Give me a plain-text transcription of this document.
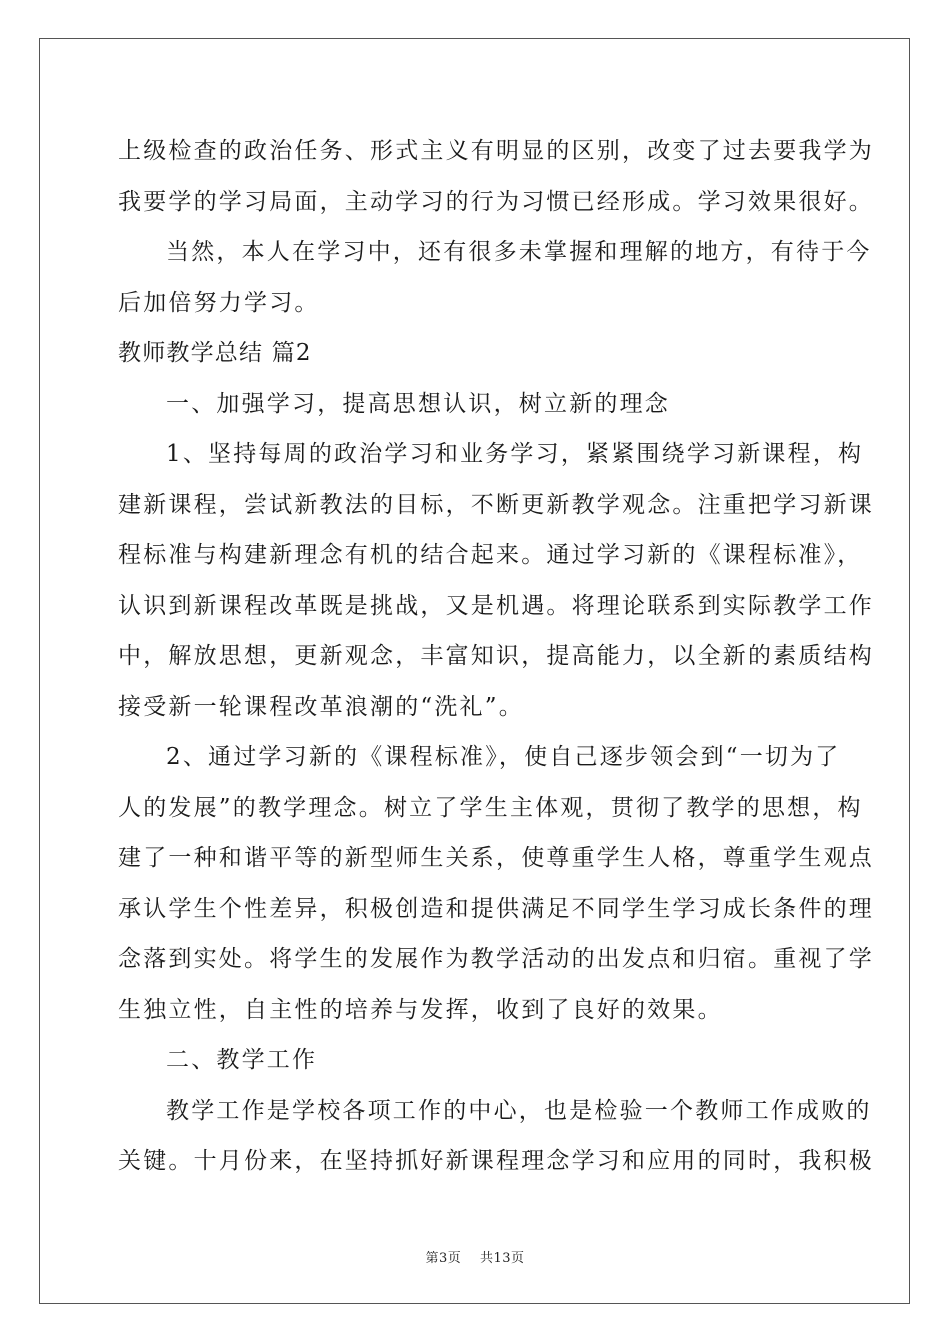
上级检查的政治任务、形式主义有明显的区别，改变了过去要我学为
我要学的学习局面，主动学习的行为习惯已经形成。学习效果很好。
当然，本人在学习中，还有很多未掌握和理解的地方，有待于今
后加倍努力学习。
教师教学总结 篇2
一、加强学习，提高思想认识，树立新的理念
1、坚持每周的政治学习和业务学习，紧紧围绕学习新课程，构
建新课程，尝试新教法的目标，不断更新教学观念。注重把学习新课
程标准与构建新理念有机的结合起来。通过学习新的《课程标准》，
认识到新课程改革既是挑战，又是机遇。将理论联系到实际教学工作
中，解放思想，更新观念，丰富知识，提高能力，以全新的素质结构
接受新一轮课程改革浪潮的“洗礼”。
2、通过学习新的《课程标准》，使自己逐步领会到“一切为了
人的发展”的教学理念。树立了学生主体观，贯彻了教学的思想，构
建了一种和谐平等的新型师生关系，使尊重学生人格，尊重学生观点
承认学生个性差异，积极创造和提供满足不同学生学习成长条件的理
念落到实处。将学生的发展作为教学活动的出发点和归宿。重视了学
生独立性，自主性的培养与发挥，收到了良好的效果。
二、教学工作
教学工作是学校各项工作的中心，也是检验一个教师工作成败的
关键。十月份来，在坚持抓好新课程理念学习和应用的同时，我积极
第3页 共13页
